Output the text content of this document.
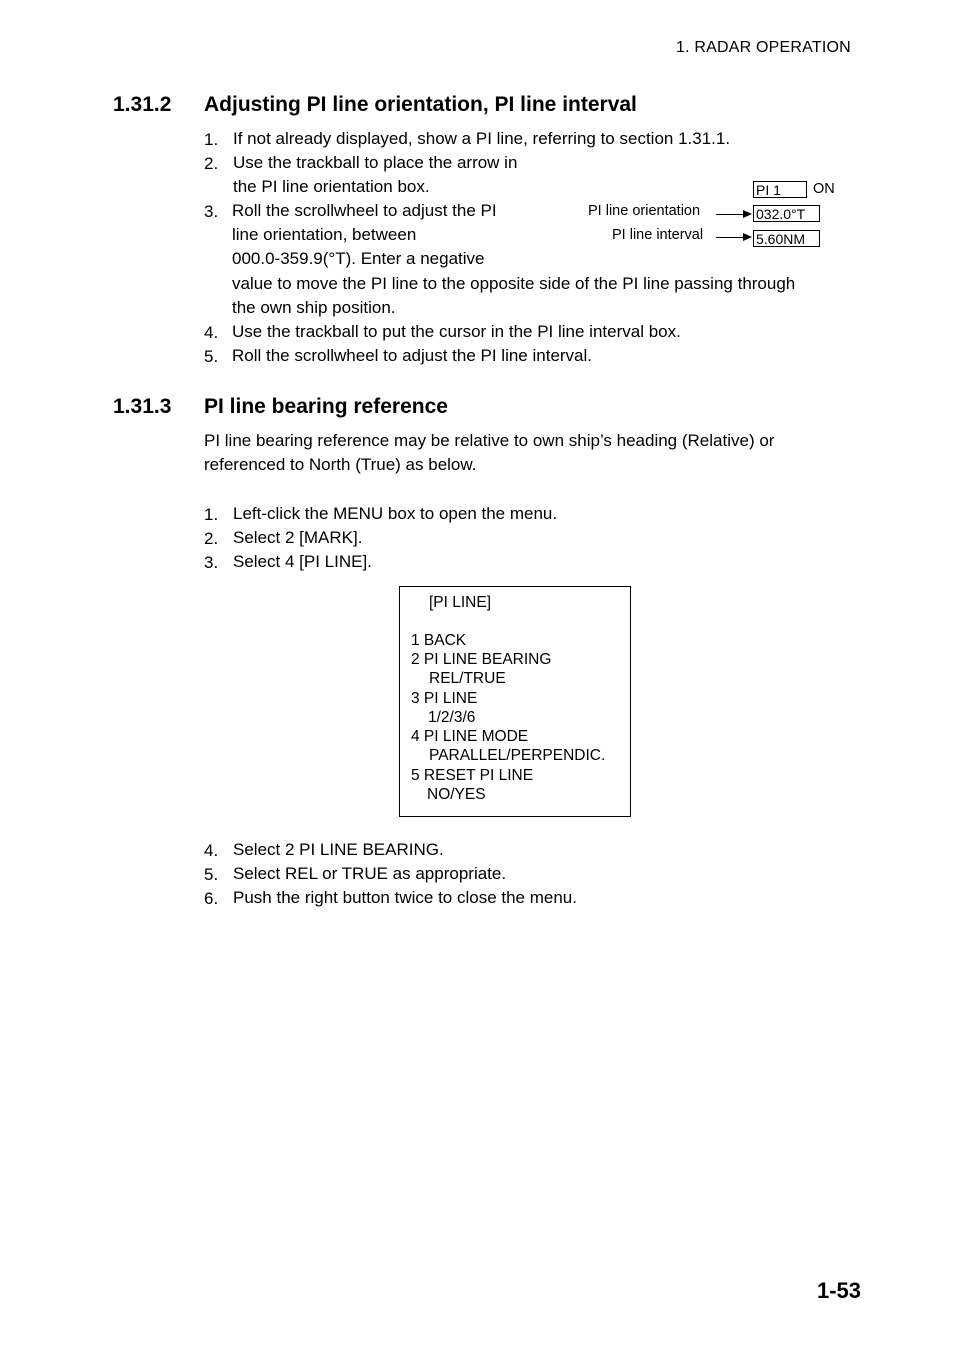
1. RADAR OPERATION
1.31.2 Adjusting PI line orientation, PI line interval
1. If not already displayed, show a PI line, referring to section 1.31.1.
2. Use the trackball to place the arrow in
the PI line orientation box.
3. Roll the scrollwheel to adjust the PI
line orientation, between
000.0-359.9(°T). Enter a negative
value to move the PI line to the opposite side of the PI line passing through
the own ship position.
4. Use the trackball to put the cursor in the PI line interval box.
5. Roll the scrollwheel to adjust the PI line interval.
PI 1	ON
PI line orientation	032.0°T
PI line interval	5.60NM
1.31.3 PI line bearing reference
PI line bearing reference may be relative to own ship’s heading (Relative) or
referenced to North (True) as below.
1. Left-click the MENU box to open the menu.
2. Select 2 [MARK].
3. Select 4 [PI LINE].
[PI LINE]
1 BACK
2 PI LINE BEARING
REL/TRUE
3 PI LINE
1/2/3/6
4 PI LINE MODE
PARALLEL/PERPENDIC.
5 RESET PI LINE
NO/YES
4. Select 2 PI LINE BEARING.
5. Select REL or TRUE as appropriate.
6. Push the right button twice to close the menu.
1-53
